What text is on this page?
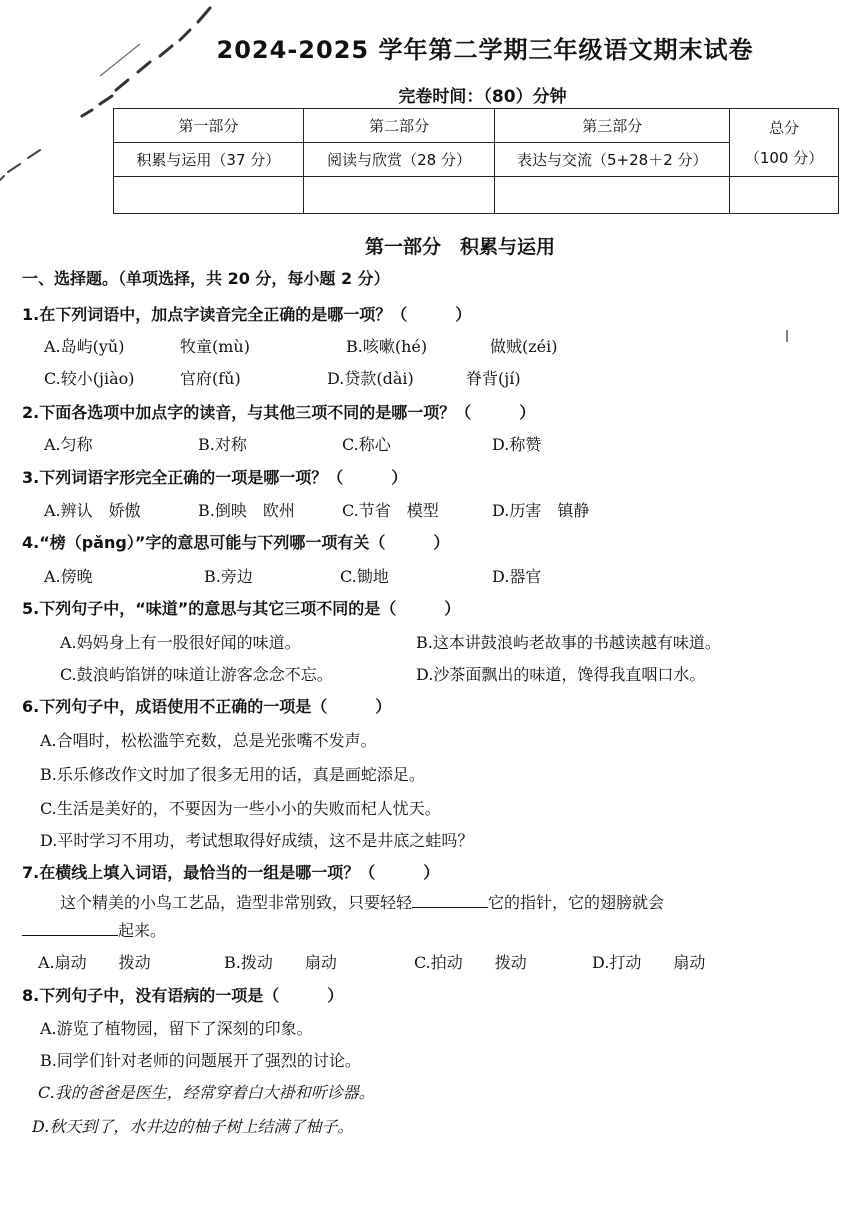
2024-2025 学年第二学期三年级语文期末试卷
完卷时间：（80）分钟
第一部分	第二部分	第三部分	总分
（100 分）

积累与运用（37 分）	阅读与欣赏（28 分）	表达与交流（5+28＋2 分）	

第一部分　积累与运用
一、选择题。（单项选择，共 20 分，每小题 2 分）
1.在下列词语中，加点字读音完全正确的是哪一项？（　　　）
A.岛屿(yǔ)	牧童(mù)	B.咳嗽(hé)	做贼(zéi)
C.较小(jiào)	官府(fǔ)	D.贷款(dài)	脊背(jí)
2.下面各选项中加点字的读音，与其他三项不同的是哪一项？（　　　）
A.匀称	B.对称	C.称心	D.称赞
3.下列词语字形完全正确的一项是哪一项？（　　　）
A.辨认　娇傲	B.倒映　欧州	C.节省　模型	D.历害　镇静
4.“榜（pǎng）”字的意思可能与下列哪一项有关（　　　）
A.傍晚	B.旁边	C.锄地	D.器官
5.下列句子中，“味道”的意思与其它三项不同的是（　　　）
A.妈妈身上有一股很好闻的味道。	B.这本讲鼓浪屿老故事的书越读越有味道。
C.鼓浪屿馅饼的味道让游客念念不忘。	D.沙茶面飘出的味道，馋得我直咽口水。
6.下列句子中，成语使用不正确的一项是（　　　）
A.合唱时，松松滥竽充数，总是光张嘴不发声。
B.乐乐修改作文时加了很多无用的话，真是画蛇添足。
C.生活是美好的，不要因为一些小小的失败而杞人忧天。
D.平时学习不用功，考试想取得好成绩，这不是井底之蛙吗？
7.在横线上填入词语，最恰当的一组是哪一项？（　　　）
这个精美的小鸟工艺品，造型非常别致，只要轻轻	它的指针，它的翅膀就会
起来。
A.扇动　　拨动	B.拨动　　扇动	C.拍动　　拨动	D.打动　　扇动
8.下列句子中，没有语病的一项是（　　　）
A.游览了植物园，留下了深刻的印象。
B.同学们针对老师的问题展开了强烈的讨论。
C.我的爸爸是医生，经常穿着白大褂和听诊器。
D.秋天到了，水井边的柚子树上结满了柚子。
